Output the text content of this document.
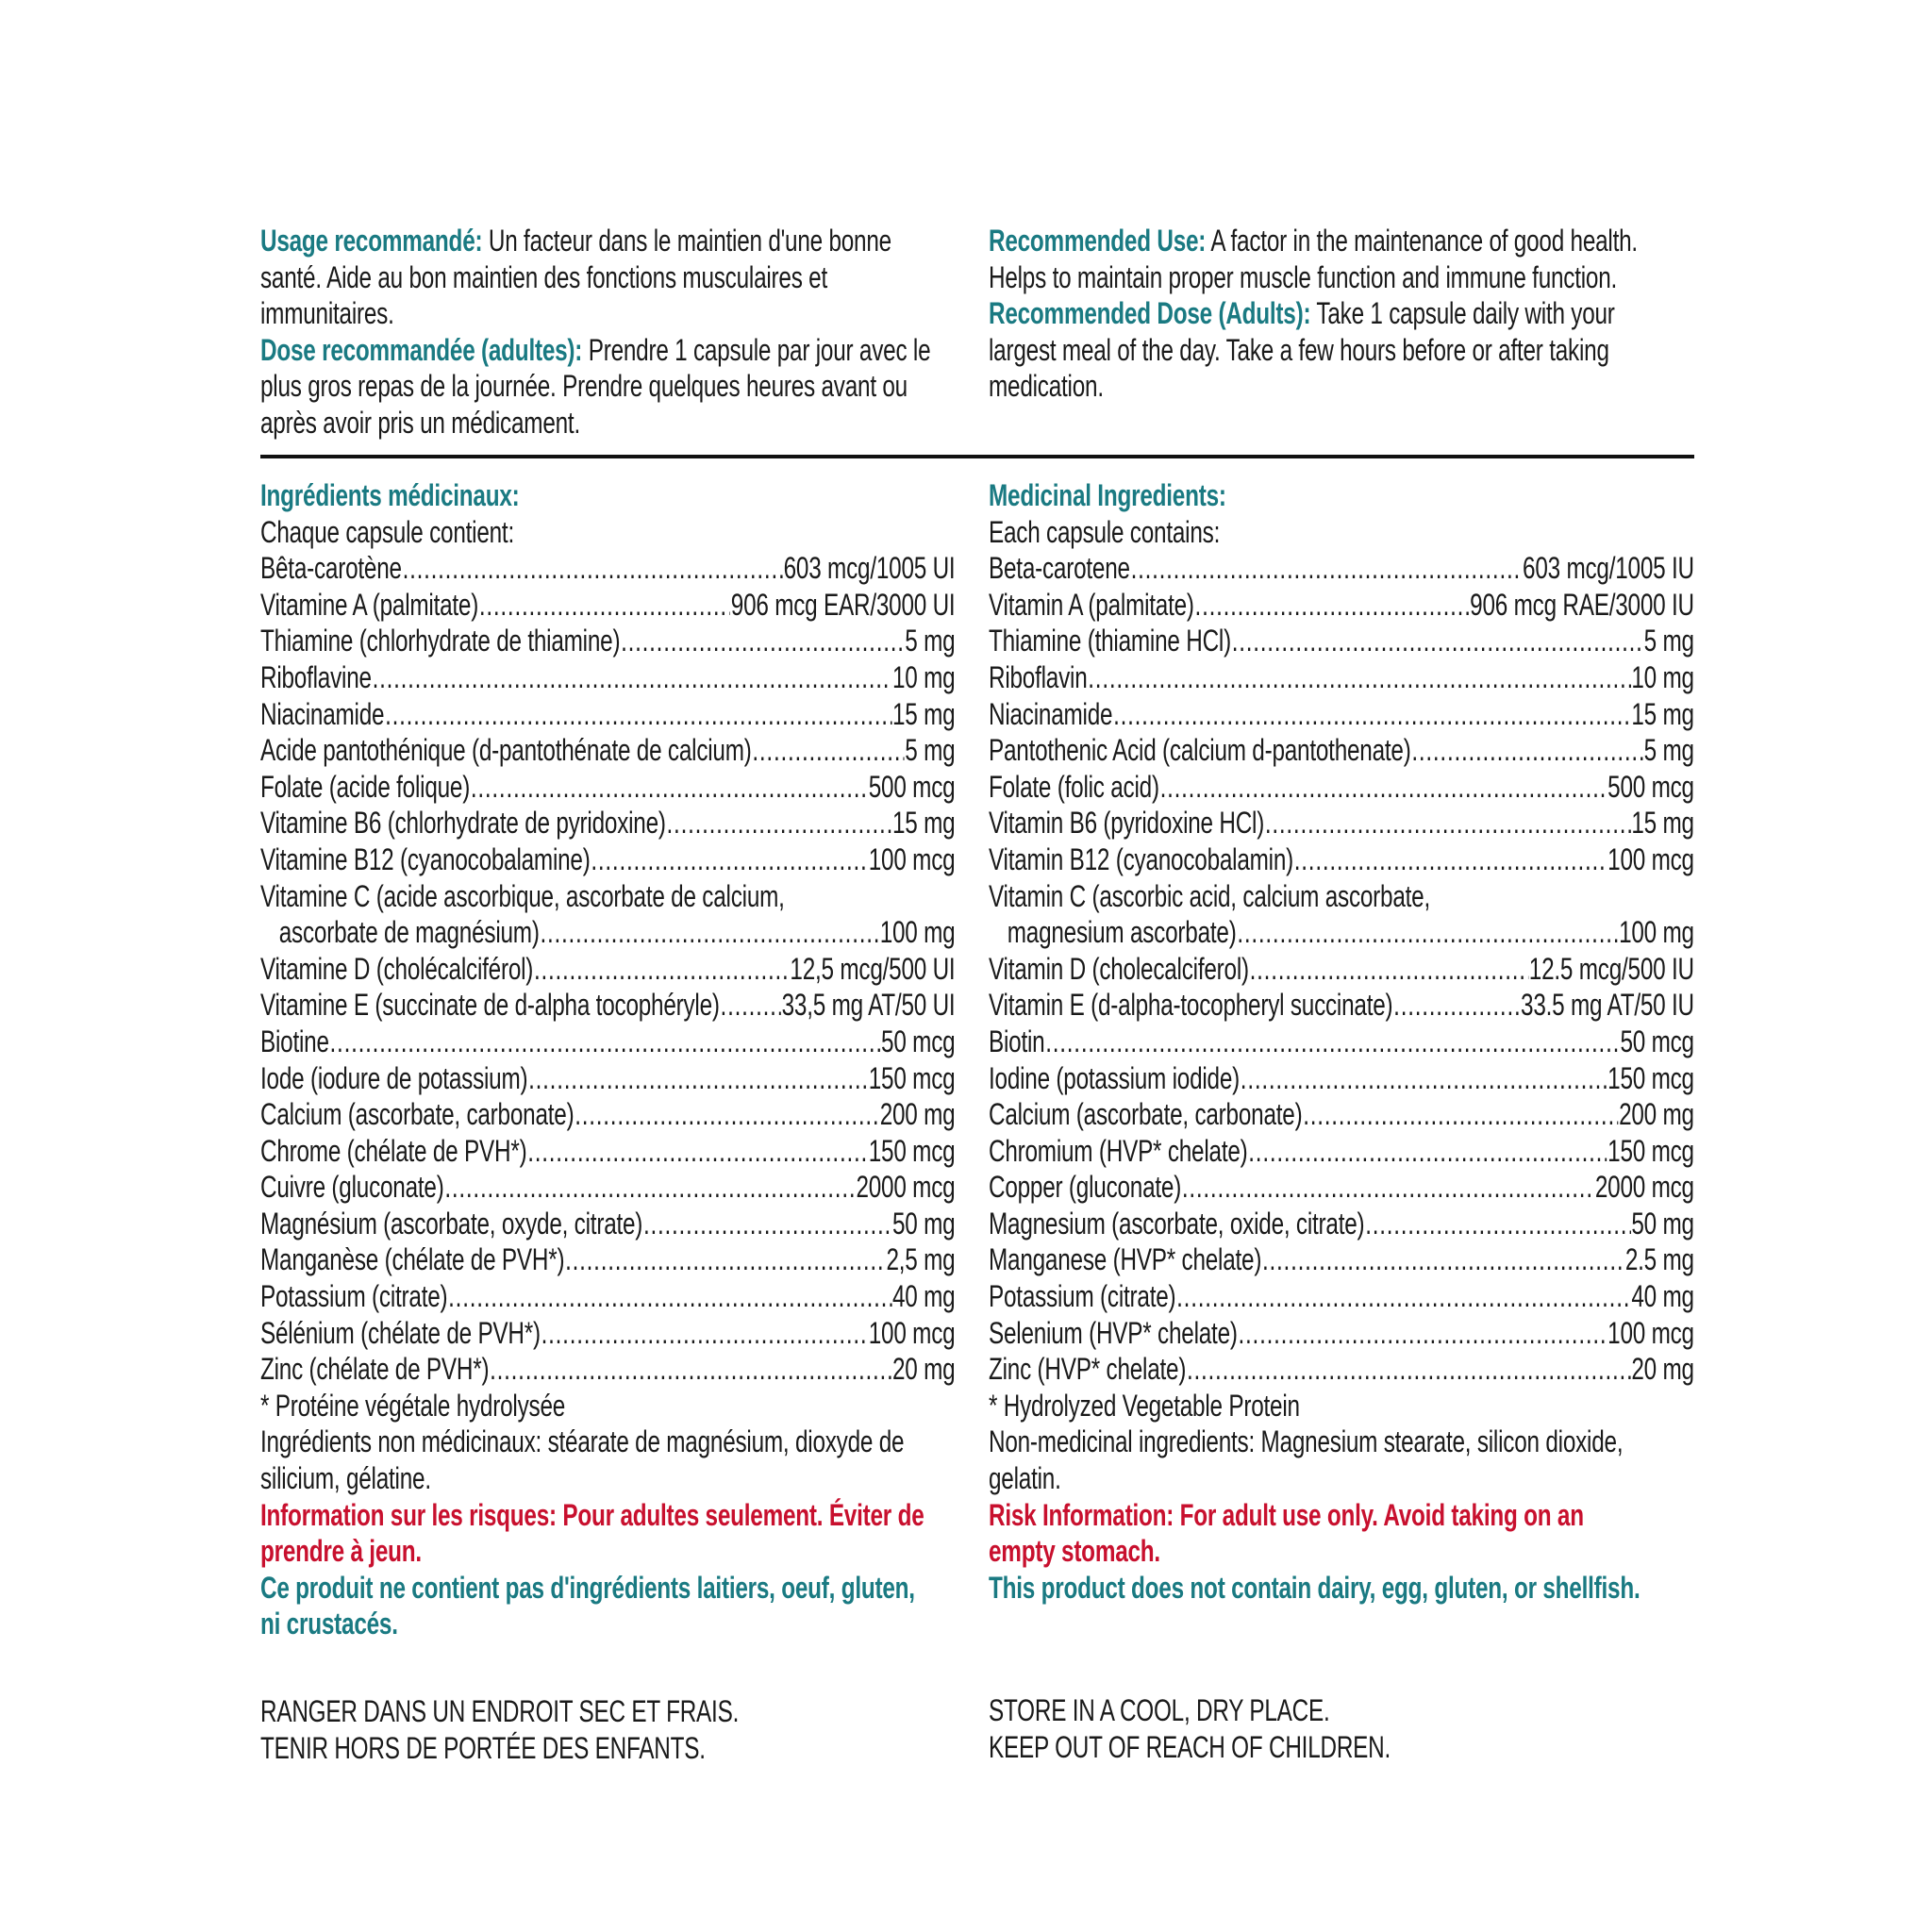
Usage recommandé: Un facteur dans le maintien d'une bonne
santé. Aide au bon maintien des fonctions musculaires et
immunitaires.
Dose recommandée (adultes): Prendre 1 capsule par jour avec le
plus gros repas de la journée. Prendre quelques heures avant ou
après avoir pris un médicament.
Recommended Use: A factor in the maintenance of good health.
Helps to maintain proper muscle function and immune function.
Recommended Dose (Adults): Take 1 capsule daily with your
largest meal of the day. Take a few hours before or after taking
medication.
Ingrédients médicinaux:
Chaque capsule contient:
Bêta-carotène .....	603 mcg/1005 UI
Vitamine A (palmitate) .....	906 mcg EAR/3000 UI
Thiamine (chlorhydrate de thiamine) .....	5 mg
Riboflavine .....	10 mg
Niacinamide .....	15 mg
Acide pantothénique (d-pantothénate de calcium) .....	5 mg
Folate (acide folique) .....	500 mcg
Vitamine B6 (chlorhydrate de pyridoxine) .....	15 mg
Vitamine B12 (cyanocobalamine) .....	100 mcg
Vitamine C (acide ascorbique, ascorbate de calcium,
ascorbate de magnésium) .....	100 mg
Vitamine D (cholécalciférol) .....	12,5 mcg/500 UI
Vitamine E (succinate de d-alpha tocophéryle) ..... 33,5 mg AT/50 UI
Biotine .....	50 mcg
Iode (iodure de potassium) .....	150 mcg
Calcium (ascorbate, carbonate) .....	200 mg
Chrome (chélate de PVH*) .....	150 mcg
Cuivre (gluconate) .....	2000 mcg
Magnésium (ascorbate, oxyde, citrate) .....	50 mg
Manganèse (chélate de PVH*) .....	2,5 mg
Potassium (citrate) .....	40 mg
Sélénium (chélate de PVH*) .....	100 mcg
Zinc (chélate de PVH*) .....	20 mg
* Protéine végétale hydrolysée
Ingrédients non médicinaux: stéarate de magnésium, dioxyde de
silicium, gélatine.
Information sur les risques: Pour adultes seulement. Éviter de
prendre à jeun.
Ce produit ne contient pas d'ingrédients laitiers, oeuf, gluten,
ni crustacés.
RANGER DANS UN ENDROIT SEC ET FRAIS.
TENIR HORS DE PORTÉE DES ENFANTS.
Medicinal Ingredients:
Each capsule contains:
Beta-carotene .....	603 mcg/1005 IU
Vitamin A (palmitate) .....	906 mcg RAE/3000 IU
Thiamine (thiamine HCl) .....	5 mg
Riboflavin .....	10 mg
Niacinamide .....	15 mg
Pantothenic Acid (calcium d-pantothenate) .....	5 mg
Folate (folic acid) .....	500 mcg
Vitamin B6 (pyridoxine HCl) .....	15 mg
Vitamin B12 (cyanocobalamin) .....	100 mcg
Vitamin C (ascorbic acid, calcium ascorbate,
magnesium ascorbate) .....	100 mg
Vitamin D (cholecalciferol) .....	12.5 mcg/500 IU
Vitamin E (d-alpha-tocopheryl succinate) .....	33.5 mg AT/50 IU
Biotin .....	50 mcg
Iodine (potassium iodide) .....	150 mcg
Calcium (ascorbate, carbonate) .....	200 mg
Chromium (HVP* chelate) .....	150 mcg
Copper (gluconate) .....	2000 mcg
Magnesium (ascorbate, oxide, citrate) .....	50 mg
Manganese (HVP* chelate) .....	2.5 mg
Potassium (citrate) .....	40 mg
Selenium (HVP* chelate) .....	100 mcg
Zinc (HVP* chelate) .....	20 mg
* Hydrolyzed Vegetable Protein
Non-medicinal ingredients: Magnesium stearate, silicon dioxide,
gelatin.
Risk Information: For adult use only. Avoid taking on an
empty stomach.
This product does not contain dairy, egg, gluten, or shellfish.
STORE IN A COOL, DRY PLACE.
KEEP OUT OF REACH OF CHILDREN.
